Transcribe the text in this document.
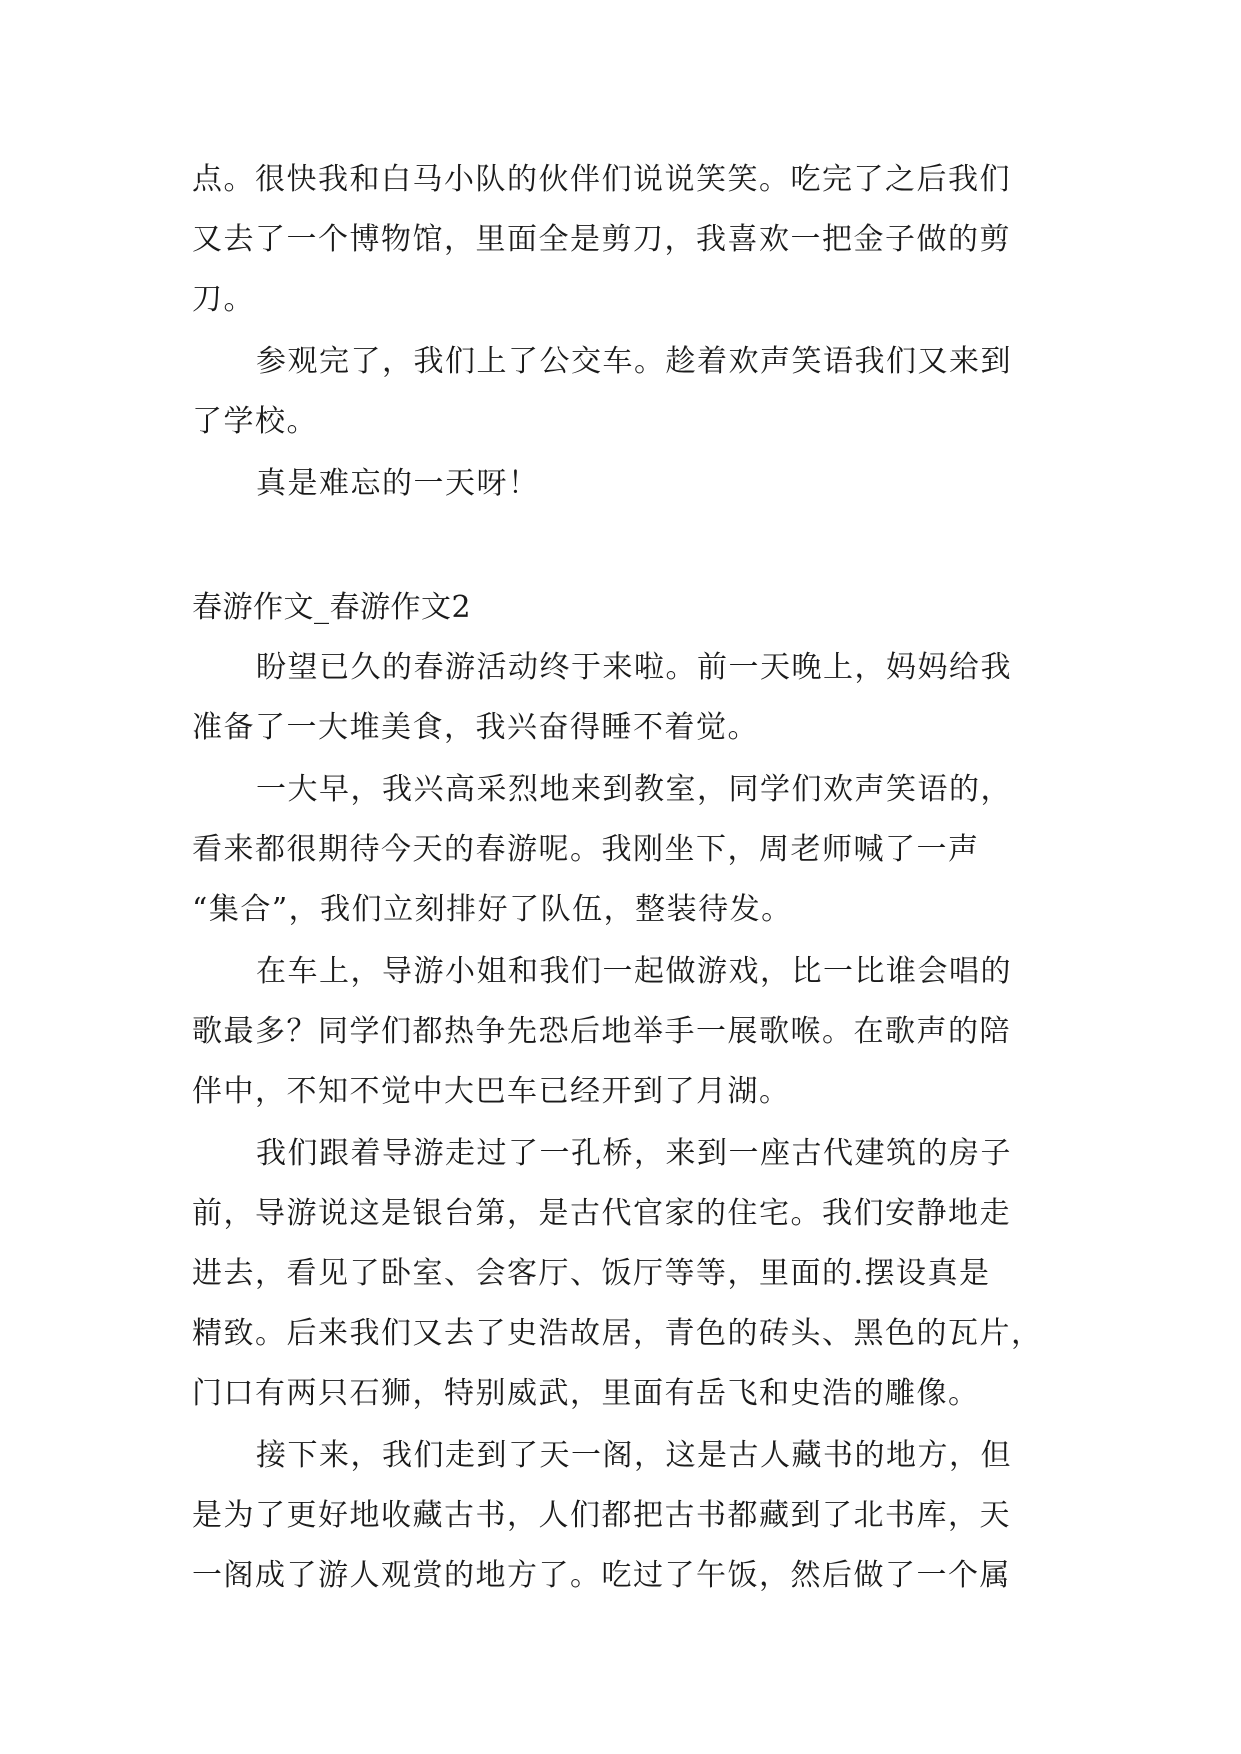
点。很快我和白马小队的伙伴们说说笑笑。吃完了之后我们
又去了一个博物馆，里面全是剪刀，我喜欢一把金子做的剪
刀。
参观完了，我们上了公交车。趁着欢声笑语我们又来到
了学校。
真是难忘的一天呀！
春游作文_春游作文2
盼望已久的春游活动终于来啦。前一天晚上，妈妈给我
准备了一大堆美食，我兴奋得睡不着觉。
一大早，我兴高采烈地来到教室，同学们欢声笑语的，
看来都很期待今天的春游呢。我刚坐下，周老师喊了一声
“集合”，我们立刻排好了队伍，整装待发。
在车上，导游小姐和我们一起做游戏，比一比谁会唱的
歌最多？同学们都热争先恐后地举手一展歌喉。在歌声的陪
伴中，不知不觉中大巴车已经开到了月湖。
我们跟着导游走过了一孔桥，来到一座古代建筑的房子
前，导游说这是银台第，是古代官家的住宅。我们安静地走
进去，看见了卧室、会客厅、饭厅等等，里面的.摆设真是
精致。后来我们又去了史浩故居，青色的砖头、黑色的瓦片，
门口有两只石狮，特别威武，里面有岳飞和史浩的雕像。
接下来，我们走到了天一阁，这是古人藏书的地方，但
是为了更好地收藏古书，人们都把古书都藏到了北书库，天
一阁成了游人观赏的地方了。吃过了午饭，然后做了一个属
